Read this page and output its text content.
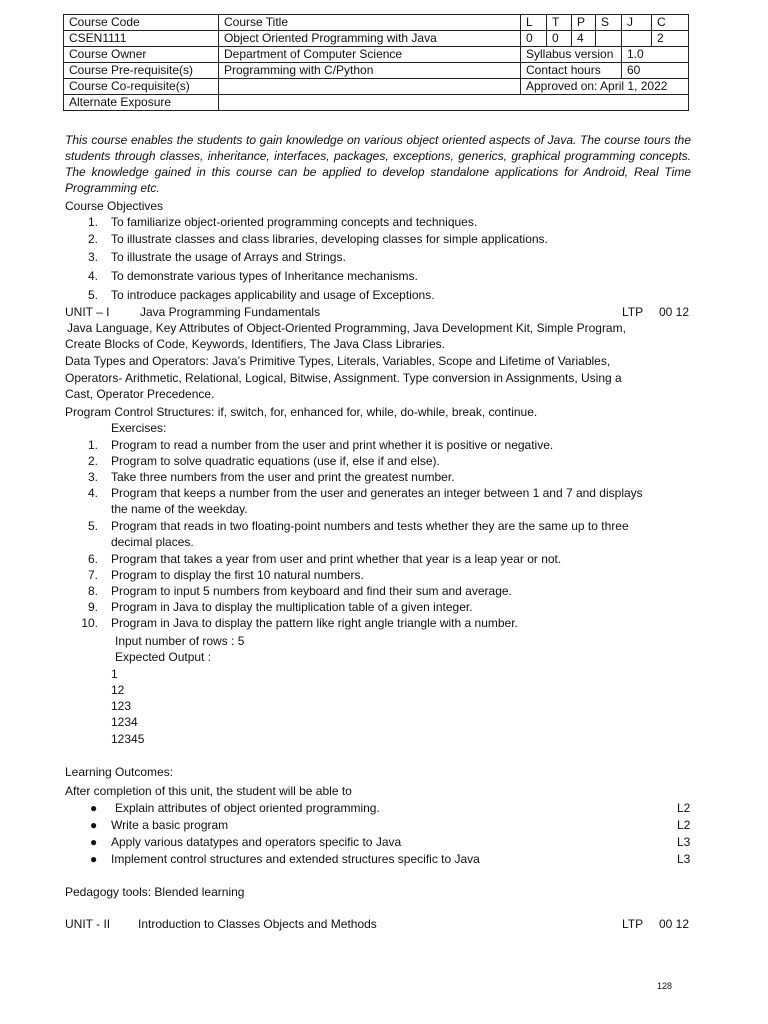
Course Code	Course Title	L	T	P	S	J	C
CSEN1111	Object Oriented Programming with Java	0	0	4			2
Course Owner	Department of Computer Science	Syllabus version				1.0	
Course Pre-requisite(s)	Programming with C/Python	Contact hours				60	
Course Co-requisite(s)		Approved on: April 1, 2022					
Alternate Exposure							
This course enables the students to gain knowledge on various object oriented aspects of Java. The course tours the students through classes, inheritance, interfaces, packages, exceptions, generics, graphical programming concepts. The knowledge gained in this course can be applied to develop standalone applications for Android, Real Time Programming etc.
Course Objectives
1. To familiarize object-oriented programming concepts and techniques.
2. To illustrate classes and class libraries, developing classes for simple applications.
3. To illustrate the usage of Arrays and Strings.
4. To demonstrate various types of Inheritance mechanisms.
5. To introduce packages applicability and usage of Exceptions.
UNIT – I	Java Programming Fundamentals	LTP 00 12
Java Language, Key Attributes of Object-Oriented Programming, Java Development Kit, Simple Program,
Create Blocks of Code, Keywords, Identifiers, The Java Class Libraries.
Data Types and Operators: Java’s Primitive Types, Literals, Variables, Scope and Lifetime of Variables,
Operators- Arithmetic, Relational, Logical, Bitwise, Assignment. Type conversion in Assignments, Using a
Cast, Operator Precedence.
Program Control Structures: if, switch, for, enhanced for, while, do-while, break, continue.
Exercises:
1. Program to read a number from the user and print whether it is positive or negative.
2. Program to solve quadratic equations (use if, else if and else).
3. Take three numbers from the user and print the greatest number.
4. Program that keeps a number from the user and generates an integer between 1 and 7 and displays
the name of the weekday.
5. Program that reads in two floating-point numbers and tests whether they are the same up to three
decimal places.
6. Program that takes a year from user and print whether that year is a leap year or not.
7. Program to display the first 10 natural numbers.
8. Program to input 5 numbers from keyboard and find their sum and average.
9. Program in Java to display the multiplication table of a given integer.
10. Program in Java to display the pattern like right angle triangle with a number.
Input number of rows : 5
Expected Output :
1
12
123
1234
12345
Learning Outcomes:
After completion of this unit, the student will be able to
● Explain attributes of object oriented programming.	L2
● Write a basic program	L2
● Apply various datatypes and operators specific to Java	L3
● Implement control structures and extended structures specific to Java	L3
Pedagogy tools: Blended learning
UNIT - II Introduction to Classes Objects and Methods	LTP 00 12
128
